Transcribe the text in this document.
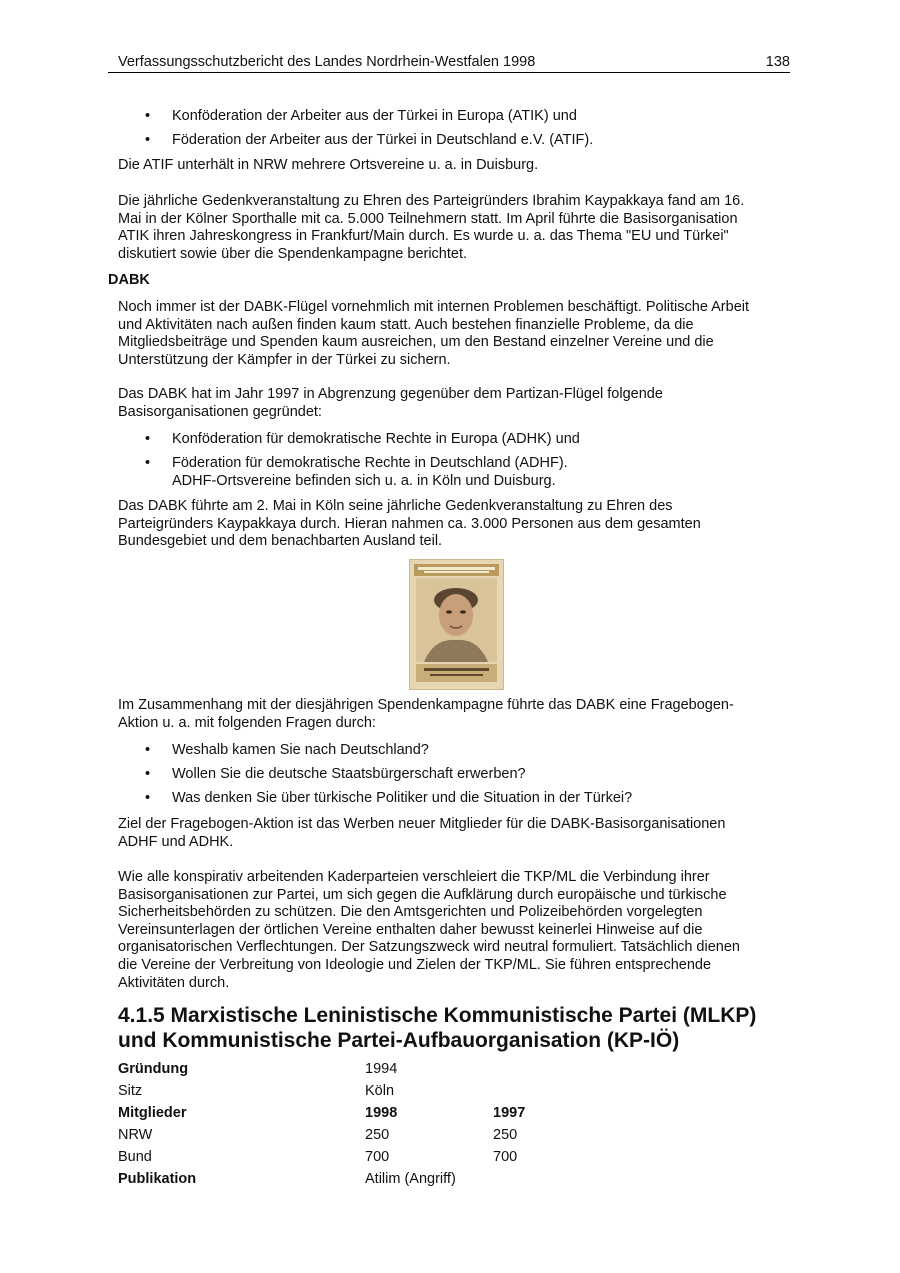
Verfassungsschutzbericht des Landes Nordrhein-Westfalen 1998	138
• Konföderation der Arbeiter aus der Türkei in Europa (ATIK) und
• Föderation der Arbeiter aus der Türkei in Deutschland e.V. (ATIF).

Die ATIF unterhält in NRW mehrere Ortsvereine u. a. in Duisburg.

Die jährliche Gedenkveranstaltung zu Ehren des Parteigründers Ibrahim Kaypakkaya fand am 16.
Mai in der Kölner Sporthalle mit ca. 5.000 Teilnehmern statt. Im April führte die Basisorganisation
ATIK ihren Jahreskongress in Frankfurt/Main durch. Es wurde u. a. das Thema "EU und Türkei"
diskutiert sowie über die Spendenkampagne berichtet.

DABK

Noch immer ist der DABK-Flügel vornehmlich mit internen Problemen beschäftigt. Politische Arbeit
und Aktivitäten nach außen finden kaum statt. Auch bestehen finanzielle Probleme, da die
Mitgliedsbeiträge und Spenden kaum ausreichen, um den Bestand einzelner Vereine und die
Unterstützung der Kämpfer in der Türkei zu sichern.

Das DABK hat im Jahr 1997 in Abgrenzung gegenüber dem Partizan-Flügel folgende
Basisorganisationen gegründet:

• Konföderation für demokratische Rechte in Europa (ADHK) und
• Föderation für demokratische Rechte in Deutschland (ADHF).
ADHF-Ortsvereine befinden sich u. a. in Köln und Duisburg.

Das DABK führte am 2. Mai in Köln seine jährliche Gedenkveranstaltung zu Ehren des
Parteigründers Kaypakkaya durch. Hieran nahmen ca. 3.000 Personen aus dem gesamten
Bundesgebiet und dem benachbarten Ausland teil.

Im Zusammenhang mit der diesjährigen Spendenkampagne führte das DABK eine Fragebogen-
Aktion u. a. mit folgenden Fragen durch:

• Weshalb kamen Sie nach Deutschland?
• Wollen Sie die deutsche Staatsbürgerschaft erwerben?
• Was denken Sie über türkische Politiker und die Situation in der Türkei?

Ziel der Fragebogen-Aktion ist das Werben neuer Mitglieder für die DABK-Basisorganisationen
ADHF und ADHK.

Wie alle konspirativ arbeitenden Kaderparteien verschleiert die TKP/ML die Verbindung ihrer
Basisorganisationen zur Partei, um sich gegen die Aufklärung durch europäische und türkische
Sicherheitsbehörden zu schützen. Die den Amtsgerichten und Polizeibehörden vorgelegten
Vereinsunterlagen der örtlichen Vereine enthalten daher bewusst keinerlei Hinweise auf die
organisatorischen Verflechtungen. Der Satzungszweck wird neutral formuliert. Tatsächlich dienen
die Vereine der Verbreitung von Ideologie und Zielen der TKP/ML. Sie führen entsprechende
Aktivitäten durch.

4.1.5 Marxistische Leninistische Kommunistische Partei (MLKP)
und Kommunistische Partei-Aufbauorganisation (KP-IÖ)
Gründung	1994
Sitz	Köln
Mitglieder	1998	1997
NRW	250	250
Bund	700	700
Publikation	Atilim (Angriff)
